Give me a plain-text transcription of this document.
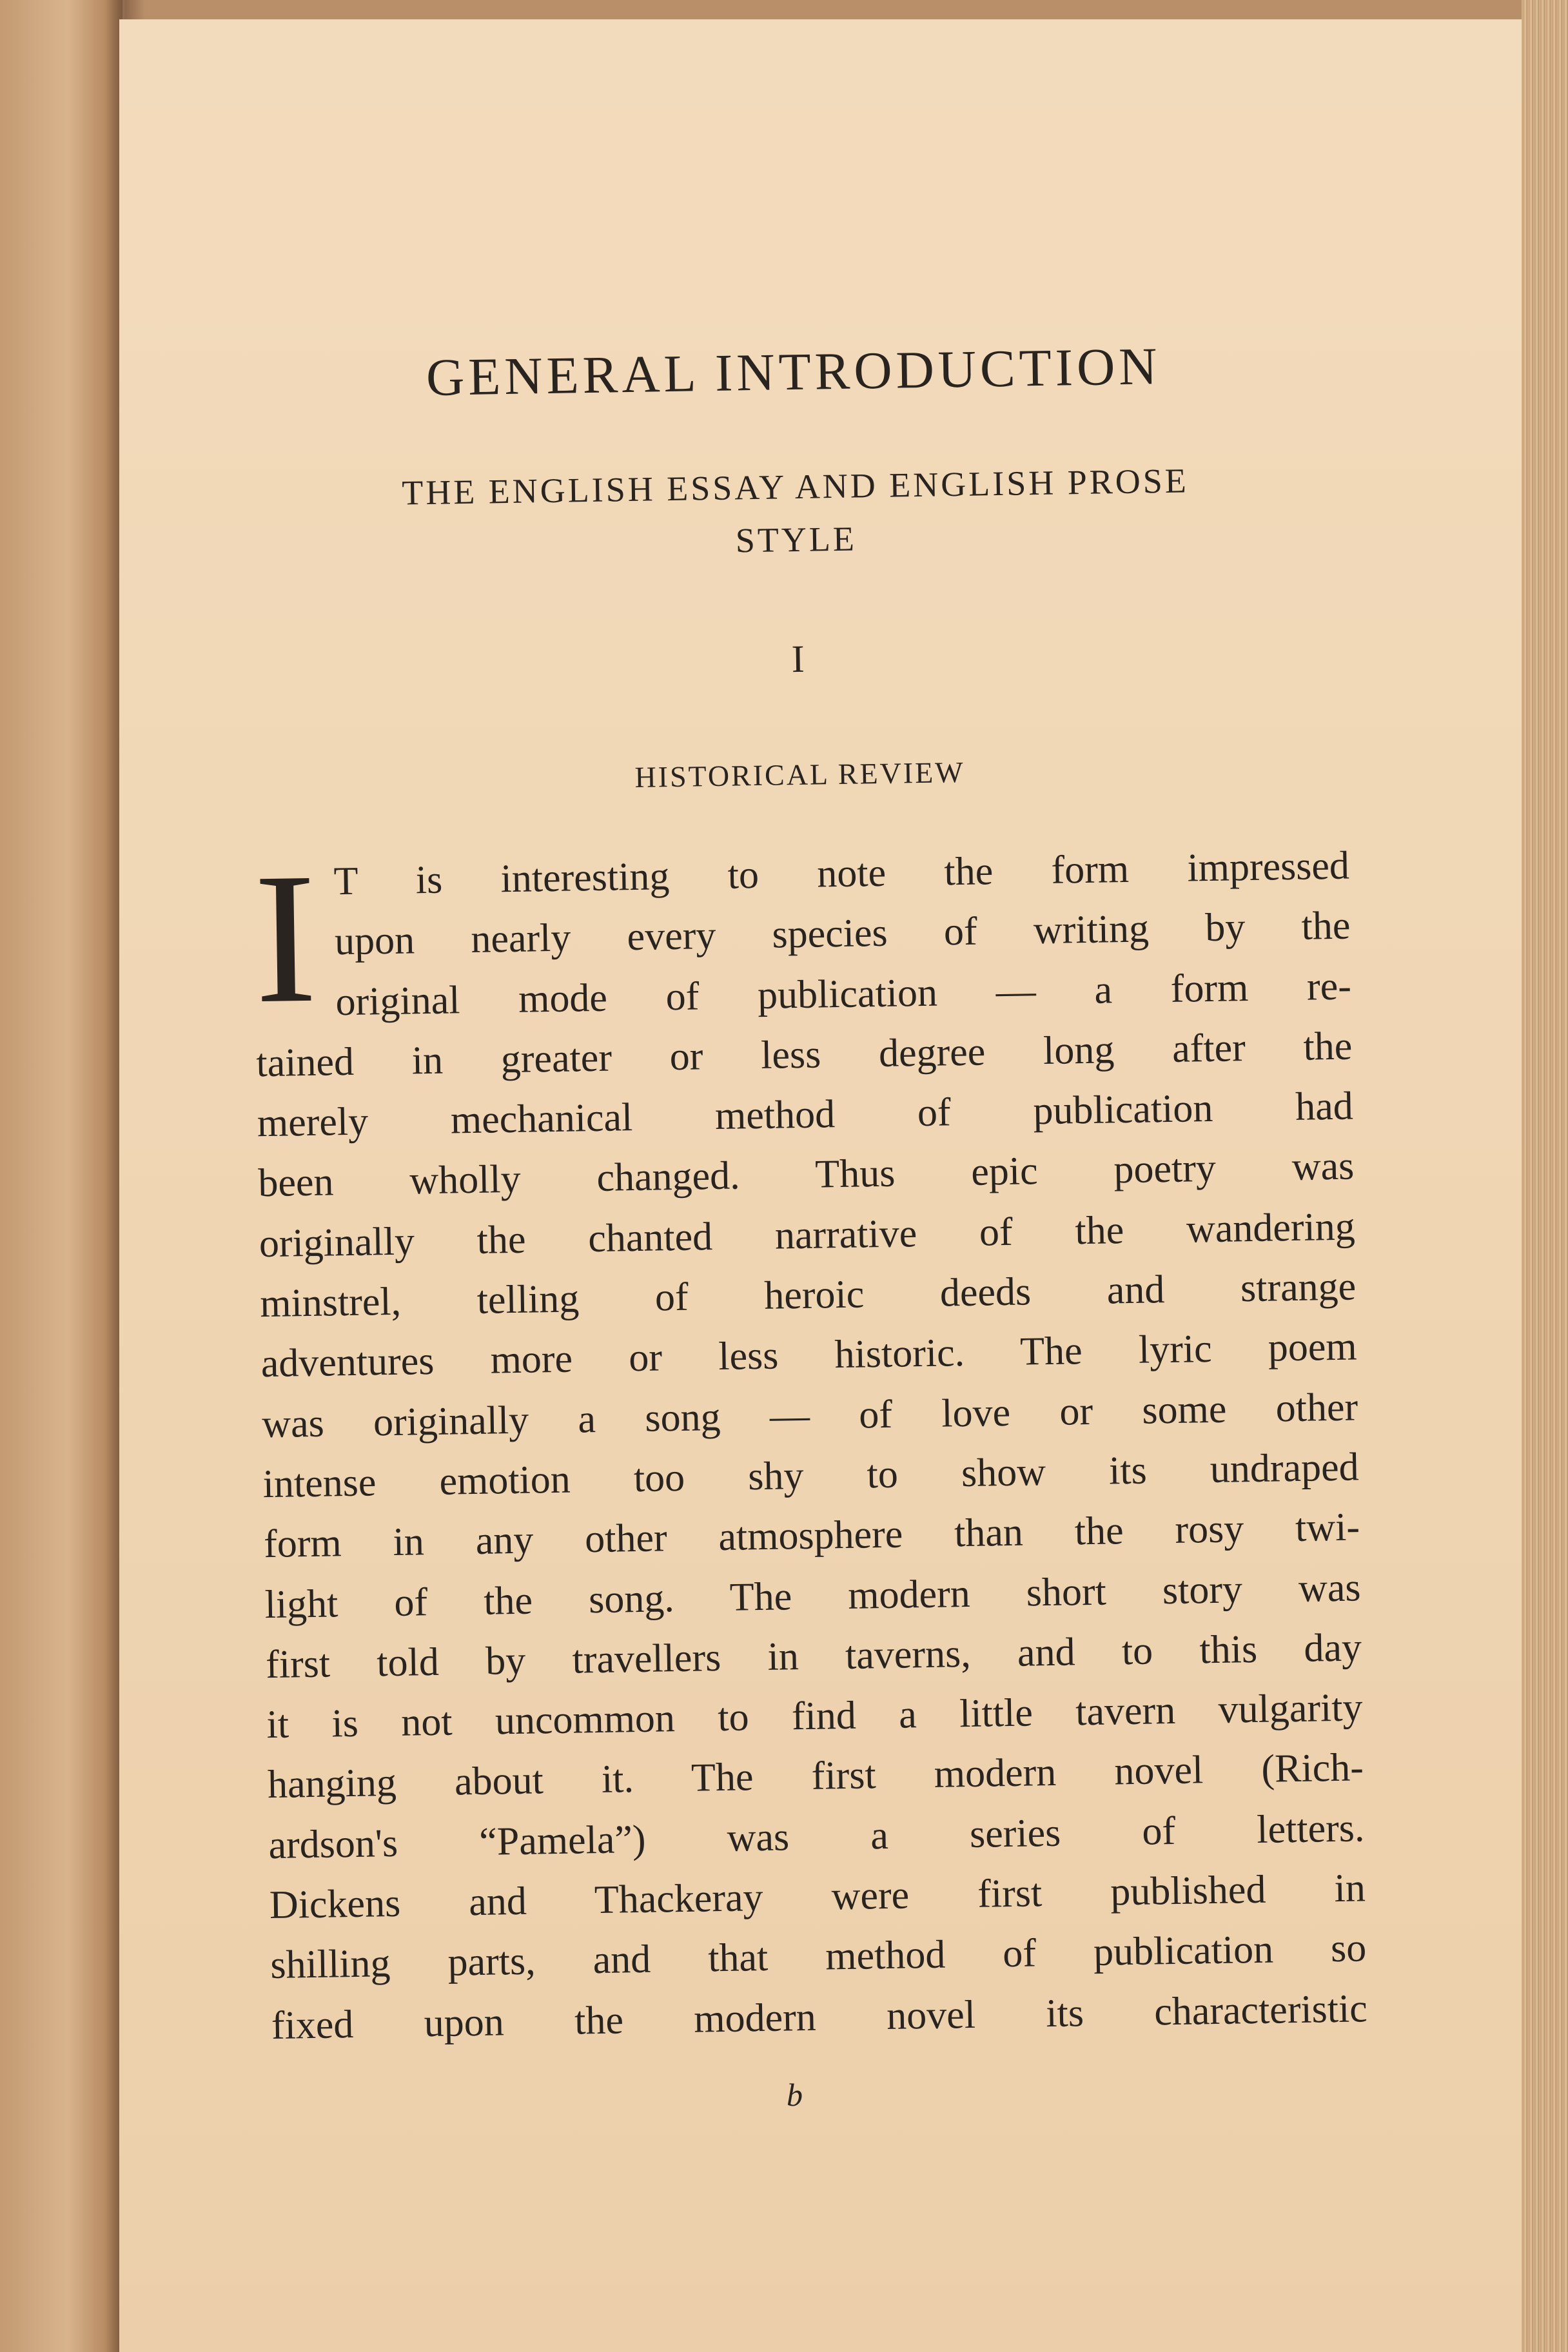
GENERAL INTRODUCTION
THE ENGLISH ESSAY AND ENGLISH PROSE
STYLE
I
HISTORICAL REVIEW
I T is interesting to note the form impressed
upon nearly every species of writing by the
original mode of publication — a form re-
tained in greater or less degree long after the
merely mechanical method of publication had
been wholly changed. Thus epic poetry was
originally the chanted narrative of the wandering
minstrel, telling of heroic deeds and strange
adventures more or less historic. The lyric poem
was originally a song — of love or some other
intense emotion too shy to show its undraped
form in any other atmosphere than the rosy twi-
light of the song. The modern short story was
first told by travellers in taverns, and to this day
it is not uncommon to find a little tavern vulgarity
hanging about it. The first modern novel (Rich-
ardson's “Pamela”) was a series of letters.
Dickens and Thackeray were first published in
shilling parts, and that method of publication so
fixed upon the modern novel its characteristic
b
